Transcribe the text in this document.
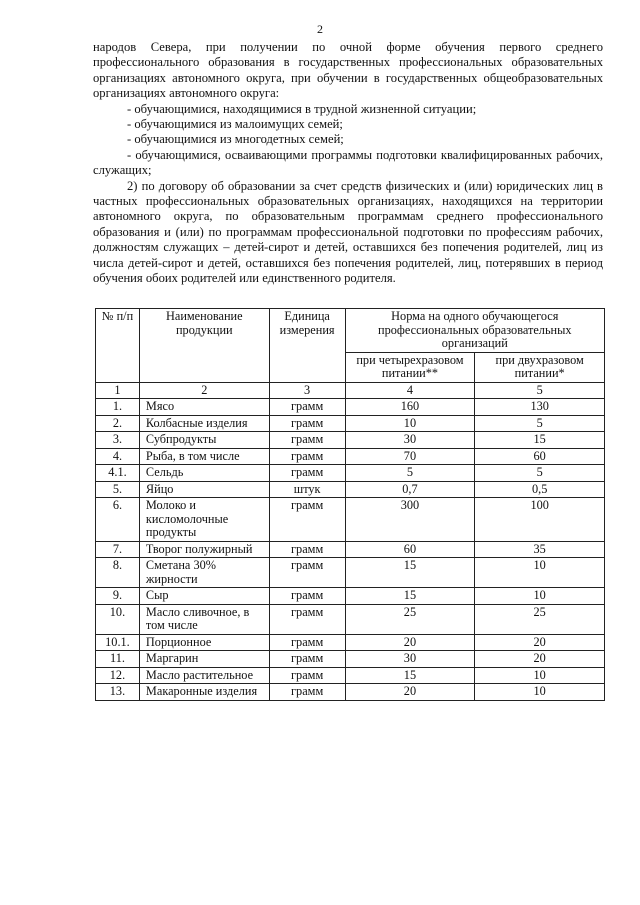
2

народов Севера, при получении по очной форме обучения первого среднего профессионального образования в государственных профессиональных образовательных организациях автономного округа, при обучении в государственных общеобразовательных организациях автономного округа:

- обучающимися, находящимися в трудной жизненной ситуации;

- обучающимися из малоимущих семей;

- обучающимися из многодетных семей;

- обучающимися, осваивающими программы подготовки квалифицированных рабочих, служащих;

2) по договору об образовании за счет средств физических и (или) юридических лиц в частных профессиональных образовательных организациях, находящихся на территории автономного округа, по образовательным программам среднего профессионального образования и (или) по программам профессиональной подготовки по профессиям рабочих, должностям служащих – детей-сирот и детей, оставшихся без попечения родителей, лиц из числа детей-сирот и детей, оставшихся без попечения родителей, лиц, потерявших в период обучения обоих родителей или единственного родителя.

№ п/п	Наименование продукции	Единица измерения	Норма на одного обучающегося профессиональных образовательных организаций	
			при четырехразовом питании**	при двухразовом питании*
1	2	3	4	5
1.	Мясо	грамм	160	130
2.	Колбасные изделия	грамм	10	5
3.	Субпродукты	грамм	30	15
4.	Рыба, в том числе	грамм	70	60
4.1.	Сельдь	грамм	5	5
5.	Яйцо	штук	0,7	0,5
6.	Молоко и кисломолочные продукты	грамм	300	100
7.	Творог полужирный	грамм	60	35
8.	Сметана 30% жирности	грамм	15	10
9.	Сыр	грамм	15	10
10.	Масло сливочное, в том числе	грамм	25	25
10.1.	Порционное	грамм	20	20
11.	Маргарин	грамм	30	20
12.	Масло растительное	грамм	15	10
13.	Макаронные изделия	грамм	20	10
